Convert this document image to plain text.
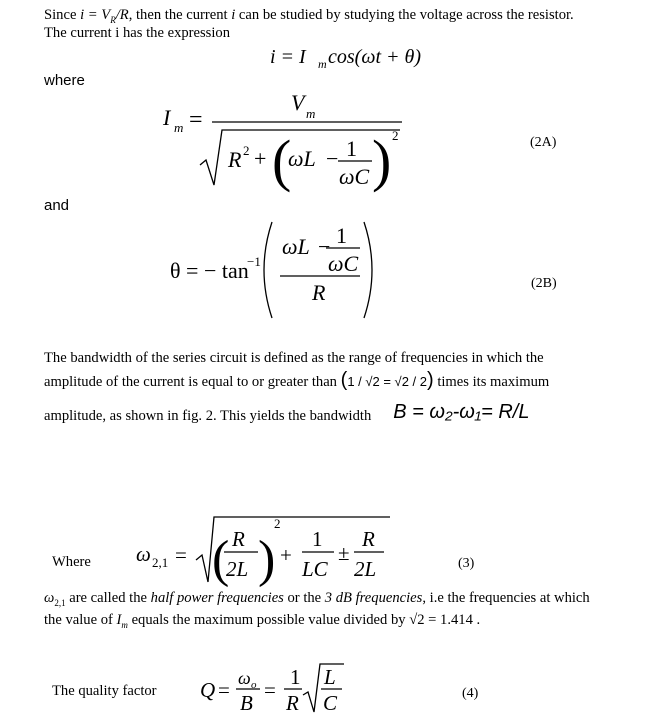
Since $i = V_R/R$, then the current i can be studied by studying the voltage across the resistor.
The current i has the expression
where
and
The bandwidth of the series circuit is defined as the range of frequencies in which the
amplitude of the current is equal to or greater than (1 / √2 = √2 / 2) times its maximum
amplitude, as shown in fig. 2. This yields the bandwidth B = ω₂-ω₁= R/L
$\omega_{2,1}$ are called the half power frequencies or the 3 dB frequencies, i.e the frequencies at which
the value of $I_m$ equals the maximum possible value divided by √2 = 1.414 .
i = I m cos(ωt + θ)
I m =
V m
R 2 + (
ωL − 1
ωC ) 2	(2A)
θ = − tan
−1
ωL − 1
ωC
R	(2B)
Where ω 2,1 = ( R
2L )
2
+
1
LC
±
R
2L	(3)
The quality factor Q = ω o
B
=
1
R
L
C	(4)
